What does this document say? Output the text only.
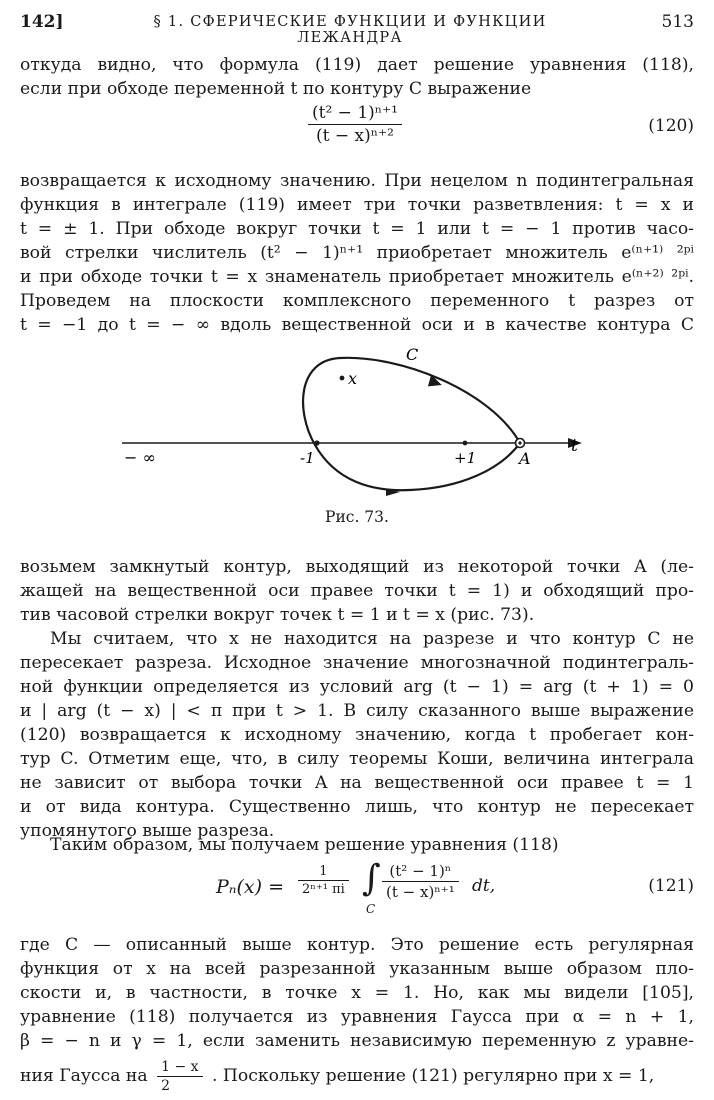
142]	§ 1. СФЕРИЧЕСКИЕ ФУНКЦИИ И ФУНКЦИИ ЛЕЖАНДРА
513
откуда видно, что формула (119) дает решение уравнения (118),
если при обходе переменной t по контуру C выражение
$\frac{\text{(t² − 1)ⁿ⁺¹}}{\text{(t − x)ⁿ⁺²}}$	(120)
возвращается к исходному значению. При нецелом n подинтегральная
функция в интеграле (119) имеет три точки разветвления: t = x и
t = ± 1. При обходе вокруг точки t = 1 или t = − 1 против часо-
вой стрелки числитель (t² − 1)ⁿ⁺¹ приобретает множитель e⁽ⁿ⁺¹⁾ ²ᵖⁱ
и при обходе точки t = x знаменатель приобретает множитель e⁽ⁿ⁺²⁾ ²ᵖⁱ.
Проведем на плоскости комплексного переменного t разрез от
t = −1 до t = − ∞ вдоль вещественной оси и в качестве контура C
− ∞	-1	+1	A
t
C
x
Рис. 73.
возьмем замкнутый контур, выходящий из некоторой точки A (ле-
жащей на вещественной оси правее точки t = 1) и обходящий про-
тив часовой стрелки вокруг точек t = 1 и t = x (рис. 73).
Мы считаем, что x не находится на разрезе и что контур C не
пересекает разреза. Исходное значение многозначной подинтеграль-
ной функции определяется из условий arg (t − 1) = arg (t + 1) = 0
и | arg (t − x) | < π при t > 1. В силу сказанного выше выражение
(120) возвращается к исходному значению, когда t пробегает кон-
тур C. Отметим еще, что, в силу теоремы Коши, величина интеграла
не зависит от выбора точки A на вещественной оси правее t = 1
и от вида контура. Существенно лишь, что контур не пересекает
упомянутого выше разреза.
Таким образом, мы получаем решение уравнения (118)
$P_n(x) = \frac{1}{\text{2ⁿ⁺¹ πi}}$ ∫
C
$\frac{\text{(t² − 1)ⁿ}}{\text{(t − x)ⁿ⁺¹}}$ dt,	(121)
где C — описанный выше контур. Это решение есть регулярная
функция от x на всей разрезанной указанным выше образом пло-
скости и, в частности, в точке x = 1. Но, как мы видели [105],
уравнение (118) получается из уравнения Гаусса при α = n + 1,
β = − n и γ = 1, если заменить независимую переменную z уравне-
ния Гаусса на $\frac{1 - x}{2}$ . Поскольку решение (121) регулярно при x = 1,
